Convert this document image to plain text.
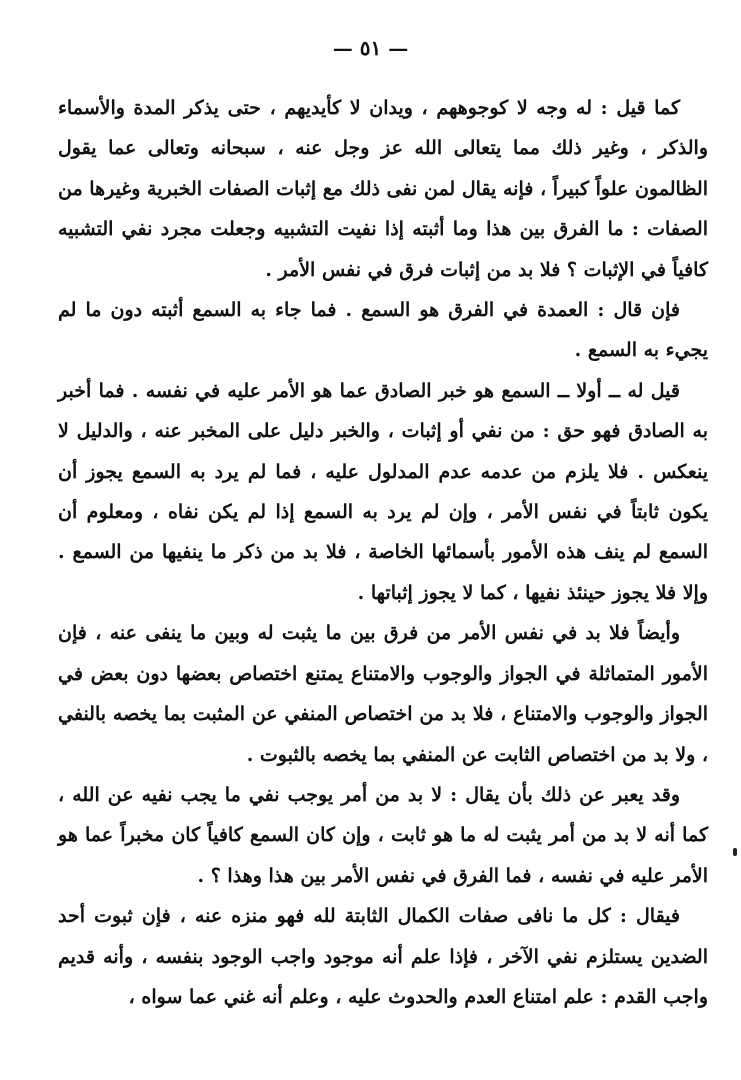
— ٥١ —

كما قيل : له وجه لا كوجوههم ، ويدان لا كأيديهم ، حتى يذكر المدة والأسماء والذكر ، وغير ذلك مما يتعالى الله عز وجل عنه ، سبحانه وتعالى عما يقول الظالمون علواً كبيراً ، فإنه يقال لمن نفى ذلك مع إثبات الصفات الخبرية وغيرها من الصفات : ما الفرق بين هذا وما أثبته إذا نفيت التشبيه وجعلت مجرد نفي التشبيه كافياً في الإثبات ؟ فلا بد من إثبات فرق في نفس الأمر .

فإن قال : العمدة في الفرق هو السمع . فما جاء به السمع أثبته دون ما لم يجيء به السمع .

قيل له ــ أولا ــ السمع هو خبر الصادق عما هو الأمر عليه في نفسه . فما أخبر به الصادق فهو حق : من نفي أو إثبات ، والخبر دليل على المخبر عنه ، والدليل لا ينعكس . فلا يلزم من عدمه عدم المدلول عليه ، فما لم يرد به السمع يجوز أن يكون ثابتاً في نفس الأمر ، وإن لم يرد به السمع إذا لم يكن نفاه ، ومعلوم أن السمع لم ينف هذه الأمور بأسمائها الخاصة ، فلا بد من ذكر ما ينفيها من السمع . وإلا فلا يجوز حينئذ نفيها ، كما لا يجوز إثباتها .

وأيضاً فلا بد في نفس الأمر من فرق بين ما يثبت له وبين ما ينفى عنه ، فإن الأمور المتماثلة في الجواز والوجوب والامتناع يمتنع اختصاص بعضها دون بعض في الجواز والوجوب والامتناع ، فلا بد من اختصاص المنفي عن المثبت بما يخصه بالنفي ، ولا بد من اختصاص الثابت عن المنفي بما يخصه بالثبوت .

وقد يعبر عن ذلك بأن يقال : لا بد من أمر يوجب نفي ما يجب نفيه عن الله ، كما أنه لا بد من أمر يثبت له ما هو ثابت ، وإن كان السمع كافياً كان مخبراً عما هو الأمر عليه في نفسه ، فما الفرق في نفس الأمر بين هذا وهذا ؟ .

فيقال : كل ما نافى صفات الكمال الثابتة لله فهو منزه عنه ، فإن ثبوت أحد الضدين يستلزم نفي الآخر ، فإذا علم أنه موجود واجب الوجود بنفسه ، وأنه قديم واجب القدم : علم امتناع العدم والحدوث عليه ، وعلم أنه غني عما سواه ،
